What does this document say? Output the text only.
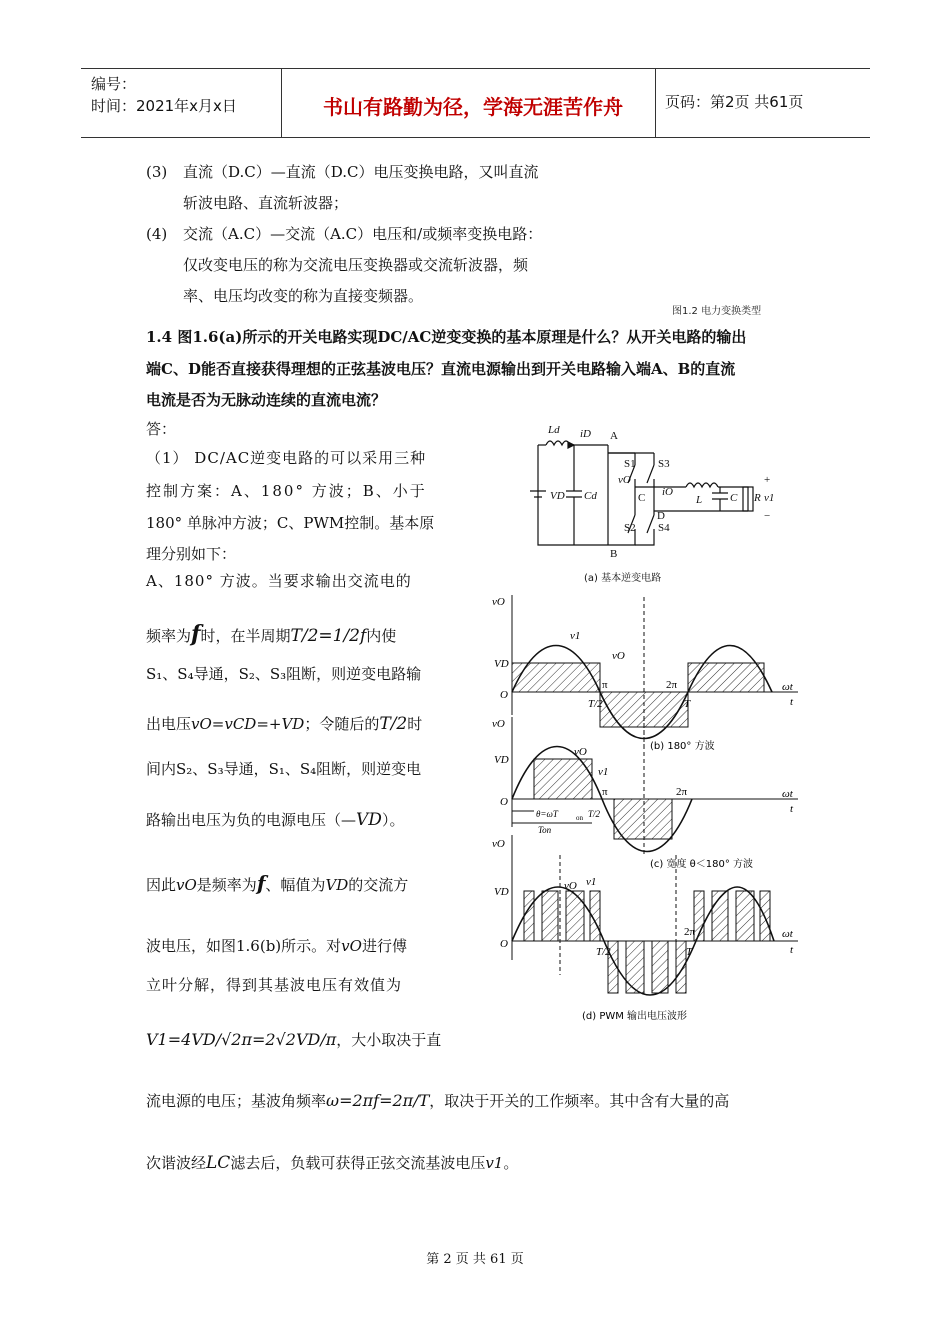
编号：
时间：2021年x月x日	书山有路勤为径，学海无涯苦作舟	页码：第2页 共61页
(3) 直流（D.C）—直流（D.C）电压变换电路，又叫直流
斩波电路、直流斩波器；
(4) 交流（A.C）—交流（A.C）电压和/或频率变换电路：
仅改变电压的称为交流电压变换器或交流斩波器，频
率、电压均改变的称为直接变频器。
图1.2 电力变换类型
1.4 图1.6(a)所示的开关电路实现DC/AC逆变变换的基本原理是什么？从开关电路的输出
端C、D能否直接获得理想的正弦基波电压？直流电源输出到开关电路输入端A、B的直流
电流是否为无脉动连续的直流电流？
答：
（1） DC/AC逆变电路的可以采用三种
控制方案：A、180° 方波；B、小于
180° 单脉冲方波；C、PWM控制。基本原
理分别如下：
A、180° 方波。当要求输出交流电的
频率为f时，在半周期T/2=1/2f内使
S₁、S₄导通，S₂、S₃阻断，则逆变电路输
出电压vO=vCD=+VD；令随后的T/2时
间内S₂、S₃导通，S₁、S₄阻断，则逆变电
路输出电压为负的电源电压（—VD）。
因此vO是频率为f、幅值为VD的交流方
波电压，如图1.6(b)所示。对vO进行傅
立叶分解，得到其基波电压有效值为
V1=4VD/√2π=2√2VD/π，大小取决于直
流电源的电压；基波角频率ω=2πf=2π/T，取决于开关的工作频率。其中含有大量的高
次谐波经LC滤去后，负载可获得正弦交流基波电压v1。
Ld iD A
B
C
D
S1
S2
S3
S4
VD Cd
vO
iO
L	C R v1
+
−
(a) 基本逆变电路
vO
VD
O
v1
vO
π	2π
T/2	T
ωt
t
(b) 180° 方波
vO
VD
O
vO
v1
π	2π
θ=ωT	on T/2
Ton
ωt
t
(c) 宽度 θ＜180° 方波
vO
VD
O
vO v1
T/2
2π
T
ωt
t
(d) PWM 输出电压波形
第 2 页 共 61 页
